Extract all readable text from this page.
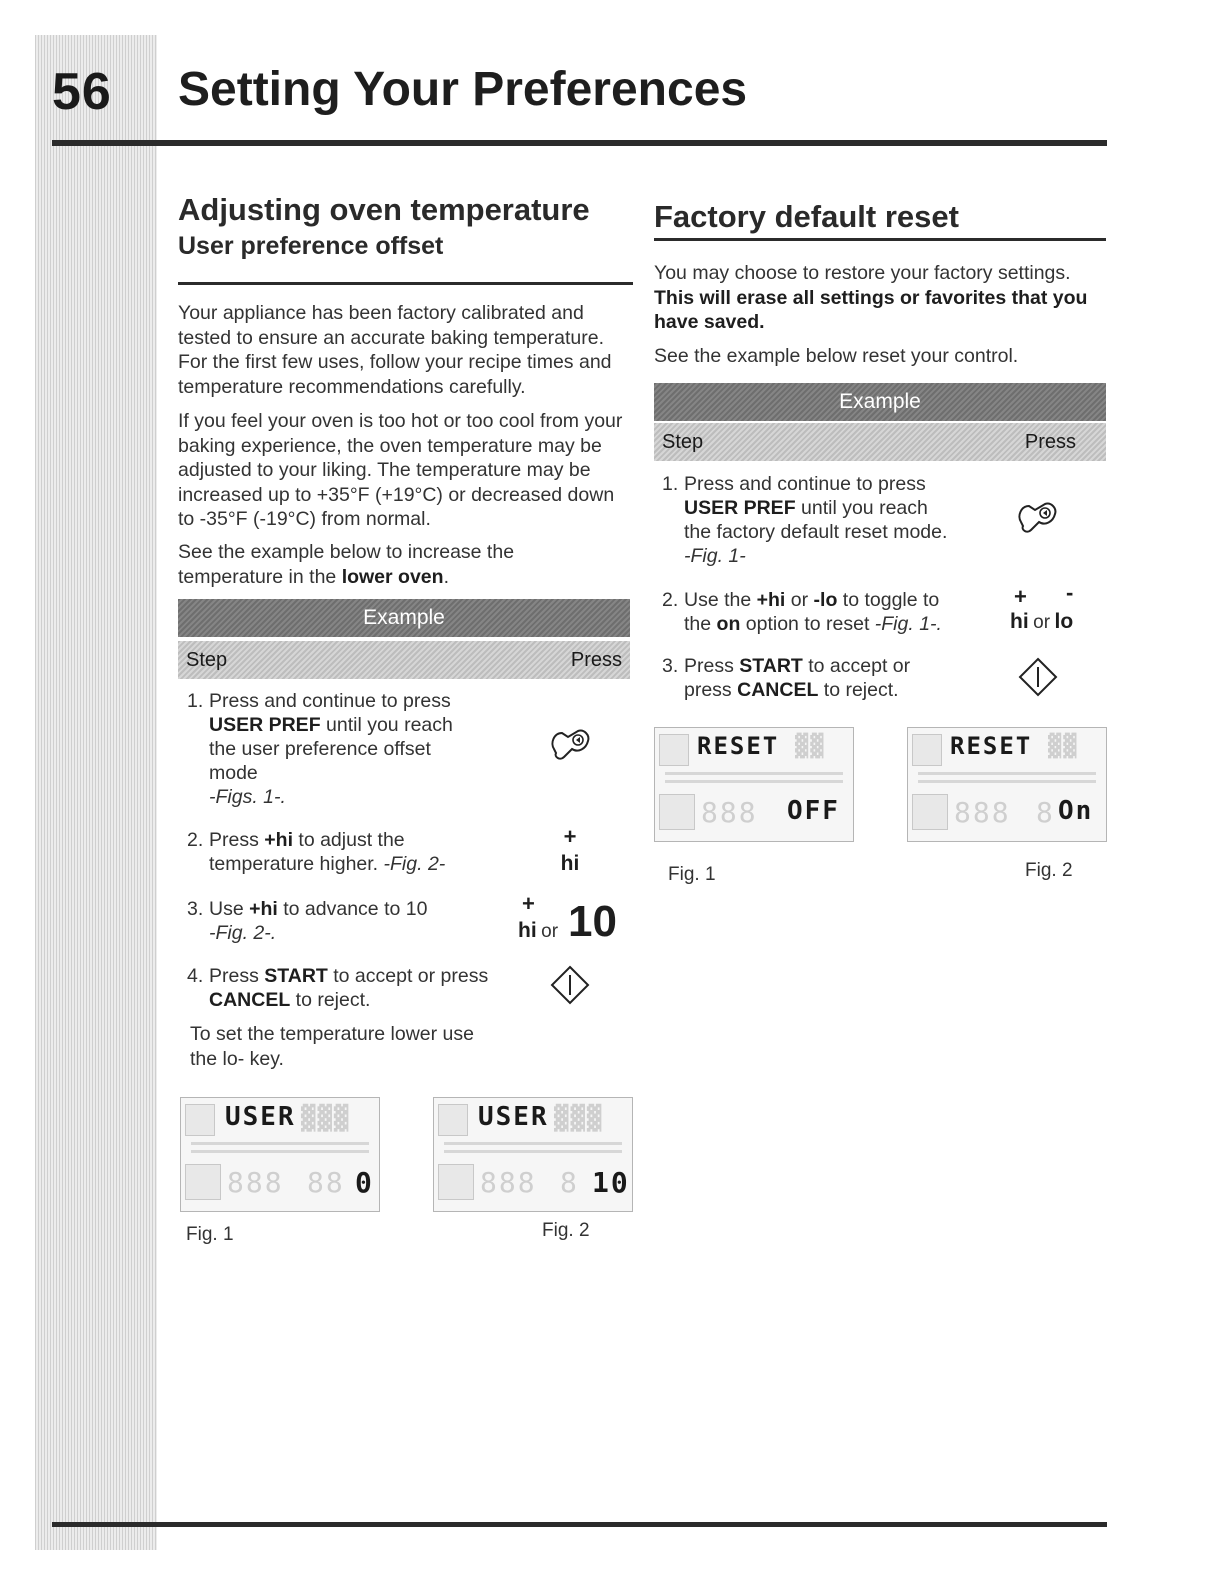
56 Setting Your Preferences
Adjusting oven temperature
User preference offset

Your appliance has been factory calibrated and tested to ensure an accurate baking temperature. For the first few uses, follow your recipe times and temperature recommendations carefully.

If you feel your oven is too hot or too cool from your baking experience, the oven temperature may be adjusted to your liking. The temperature may be increased up to +35°F (+19°C) or decreased down to -35°F (-19°C) from normal.

See the example below to increase the temperature in the lower oven.

Example
Step	Press
1. Press and continue to press
USER PREF until you reach the user preference offset mode
-Figs. 1-.
2. Press +hi to adjust the temperature higher. -Fig. 2-
+
hi
3. Use +hi to advance to 10
-Fig. 2-.
+
hi or 10
4. Press START to accept or press CANCEL to reject.

To set the temperature lower use the lo- key.

USER ▓▓▓
888 88 0
Fig. 1
USER ▓▓▓
888 8 10
Fig. 2
Factory default reset

You may choose to restore your factory settings.
This will erase all settings or favorites that you have saved.

See the example below reset your control.

Example
Step	Press
1. Press and continue to press
USER PREF until you reach the factory default reset mode.
-Fig. 1-
2. Use the +hi or -lo to toggle to the on option to reset -Fig. 1-.
+ -
hi or lo
3. Press START to accept or press CANCEL to reject.
RESET ▓▓
888 OFF
Fig. 1
RESET ▓▓
888 8 On
Fig. 2
